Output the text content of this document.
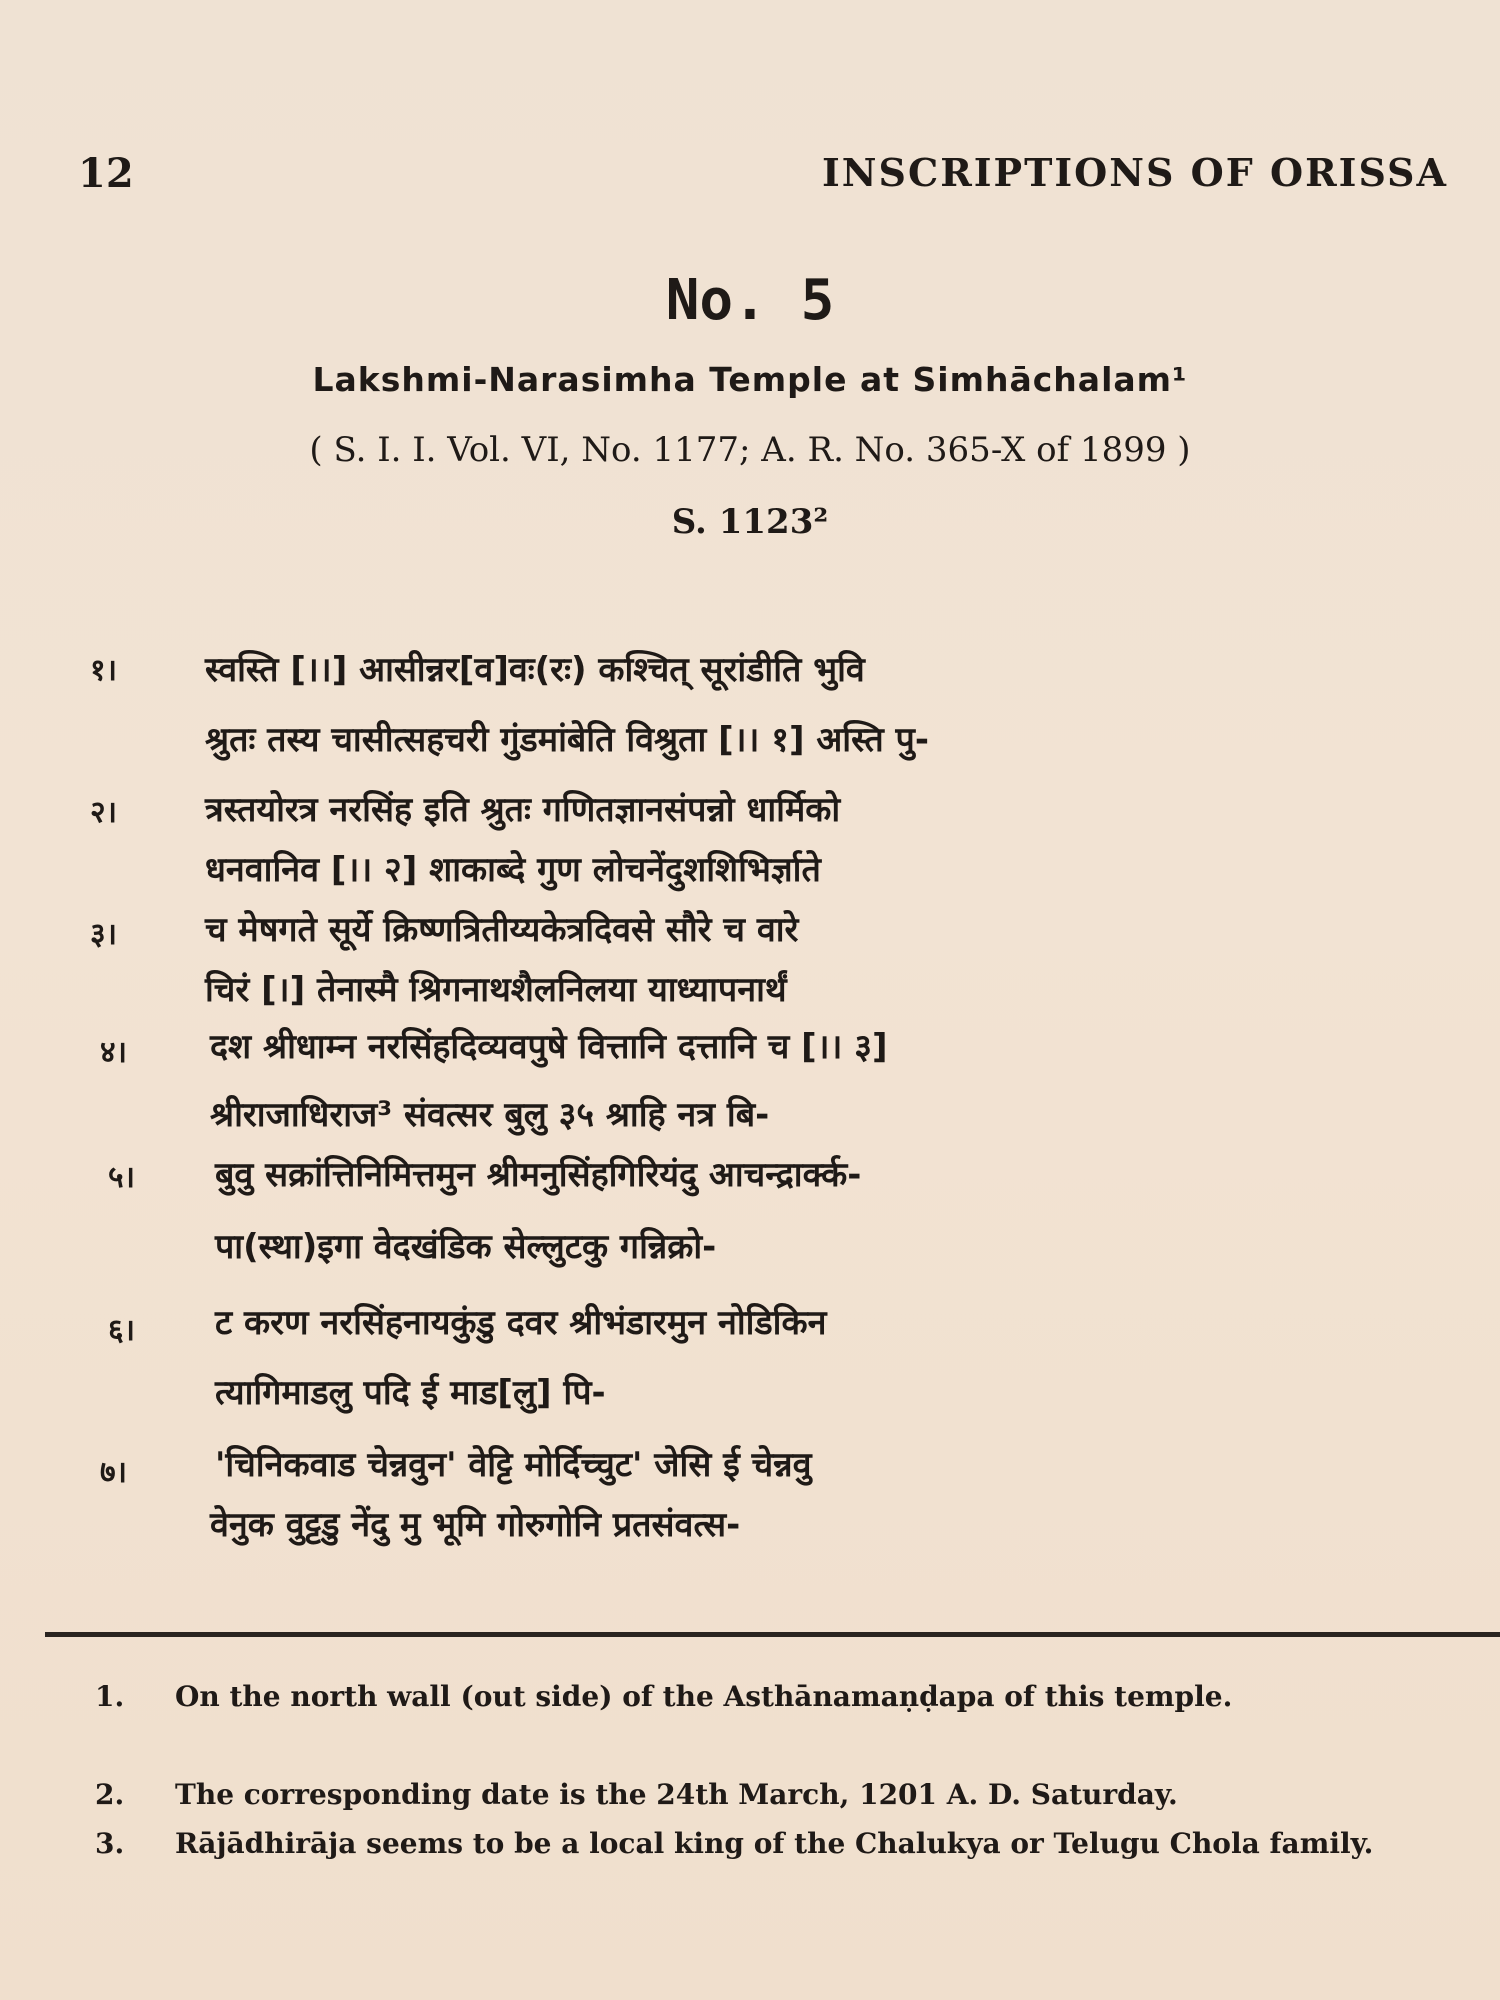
12	INSCRIPTIONS OF ORISSA
No. 5
Lakshmi-Narasimha Temple at Simhāchalam¹
( S. I. I. Vol. VI, No. 1177; A. R. No. 365-X of 1899 )
S. 1123²
१।	स्वस्ति [।।] आसीन्नर[व]वः(रः) कश्चित् सूरांडीति भुवि
श्रुतः तस्य चासीत्सहचरी गुंडमांबेति विश्रुता [।। १] अस्ति पु-
२।	त्रस्तयोरत्र नरसिंह इति श्रुतः गणितज्ञानसंपन्नो धार्मिको
धनवानिव [।। २] शाकाब्दे गुण लोचनेंदुशशिभिर्ज्ञाते
३।	च मेषगते सूर्ये क्रिष्णत्रितीय्यकेत्रदिवसे सौरे च वारे
चिरं [।] तेनास्मै श्रिगनाथशैलनिलया याध्यापनार्थं
४। दश श्रीधाम्न नरसिंहदिव्यवपुषे वित्तानि दत्तानि च [।। ३]
श्रीराजाधिराज³ संवत्सर बुलु ३५ श्राहि नत्र बि-
५। बुवु सक्रांत्तिनिमित्तमुन श्रीमनुसिंहगिरियंदु आचन्द्रार्क्क-
पा(स्था)इगा वेदखंडिक सेल्लुटकु गन्निक्रो-
६। ट करण नरसिंहनायकुंडु दवर श्रीभंडारमुन नोडिकिन
त्यागिमाडलु पदि ई माड[लु] पि-
७।	'चिनिकवाड चेन्नवुन' वेट्टि मोर्दिच्चुट' जेसि ई चेन्नवु
वेनुक वुट्टडु नेंदु मु भूमि गोरुगोनि प्रतसंवत्स-
1. On the north wall (out side) of the Asthānamaṇḍapa of this temple.
2. The corresponding date is the 24th March, 1201 A. D. Saturday.
3. Rājādhirāja seems to be a local king of the Chalukya or Telugu Chola family.
